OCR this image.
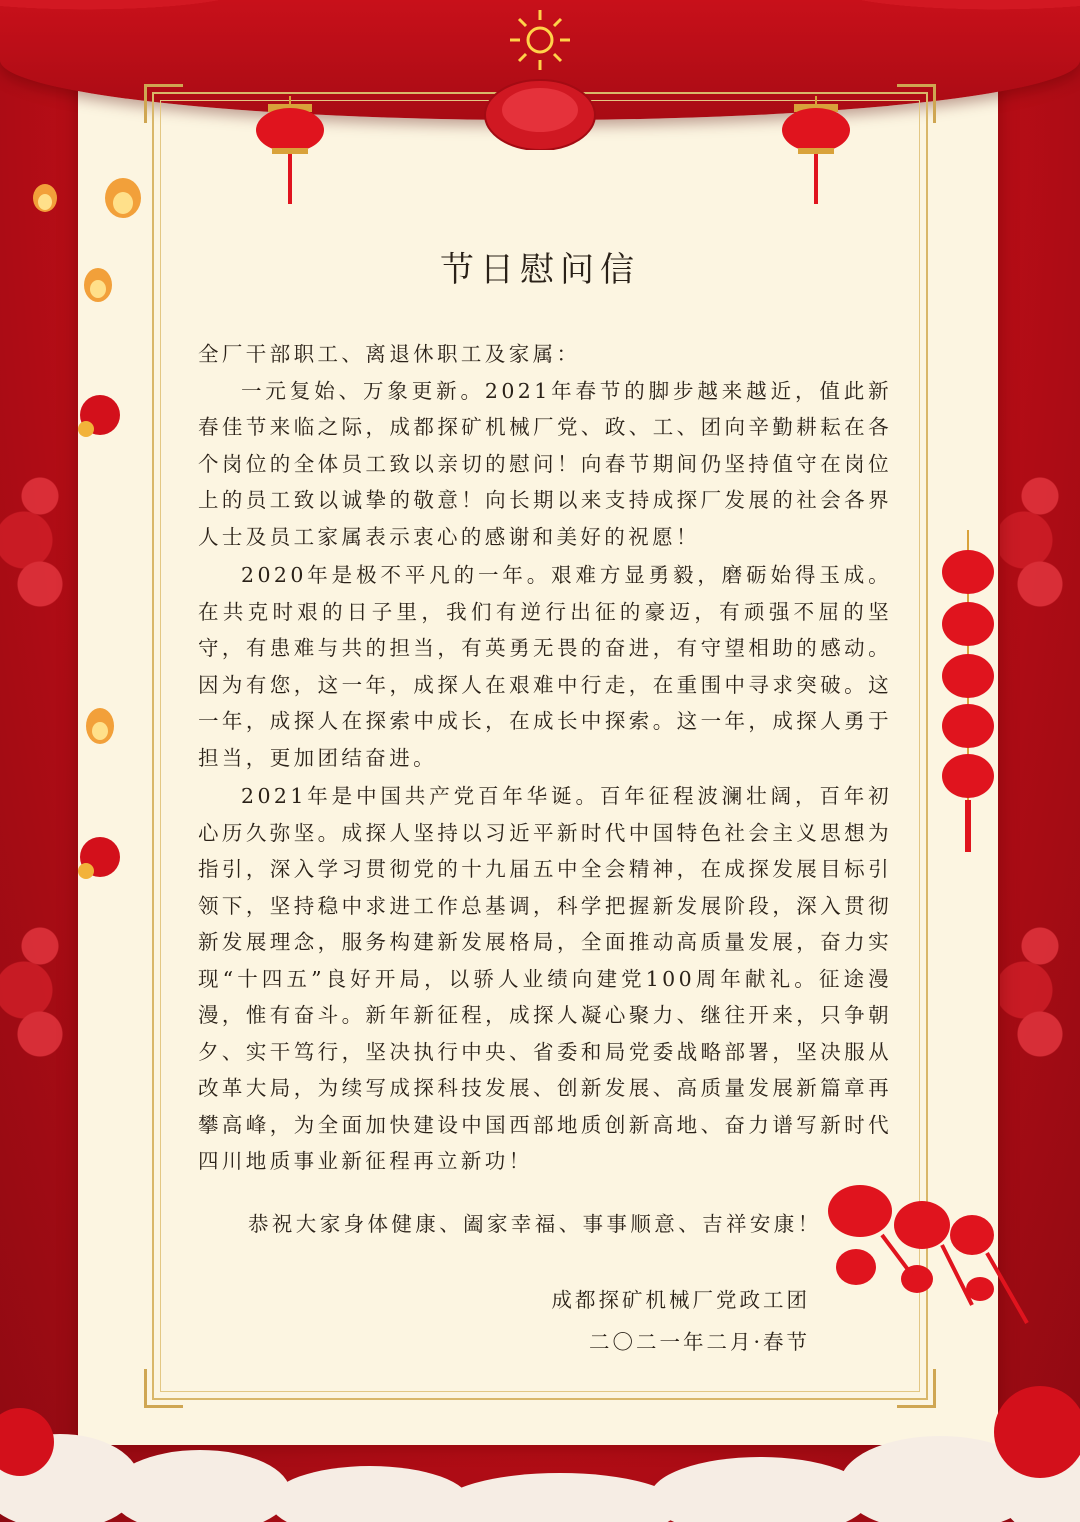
节日慰问信

全厂干部职工、离退休职工及家属：

一元复始、万象更新。2021年春节的脚步越来越近，值此新春佳节来临之际，成都探矿机械厂党、政、工、团向辛勤耕耘在各个岗位的全体员工致以亲切的慰问！向春节期间仍坚持值守在岗位上的员工致以诚挚的敬意！向长期以来支持成探厂发展的社会各界人士及员工家属表示衷心的感谢和美好的祝愿！

2020年是极不平凡的一年。艰难方显勇毅，磨砺始得玉成。在共克时艰的日子里，我们有逆行出征的豪迈，有顽强不屈的坚守，有患难与共的担当，有英勇无畏的奋进，有守望相助的感动。因为有您，这一年，成探人在艰难中行走，在重围中寻求突破。这一年，成探人在探索中成长，在成长中探索。这一年，成探人勇于担当，更加团结奋进。

2021年是中国共产党百年华诞。百年征程波澜壮阔，百年初心历久弥坚。成探人坚持以习近平新时代中国特色社会主义思想为指引，深入学习贯彻党的十九届五中全会精神，在成探发展目标引领下，坚持稳中求进工作总基调，科学把握新发展阶段，深入贯彻新发展理念，服务构建新发展格局，全面推动高质量发展，奋力实现“十四五”良好开局，以骄人业绩向建党100周年献礼。征途漫漫，惟有奋斗。新年新征程，成探人凝心聚力、继往开来，只争朝夕、实干笃行，坚决执行中央、省委和局党委战略部署，坚决服从改革大局，为续写成探科技发展、创新发展、高质量发展新篇章再攀高峰，为全面加快建设中国西部地质创新高地、奋力谱写新时代四川地质事业新征程再立新功！

恭祝大家身体健康、阖家幸福、事事顺意、吉祥安康！
成都探矿机械厂党政工团
二〇二一年二月·春节
